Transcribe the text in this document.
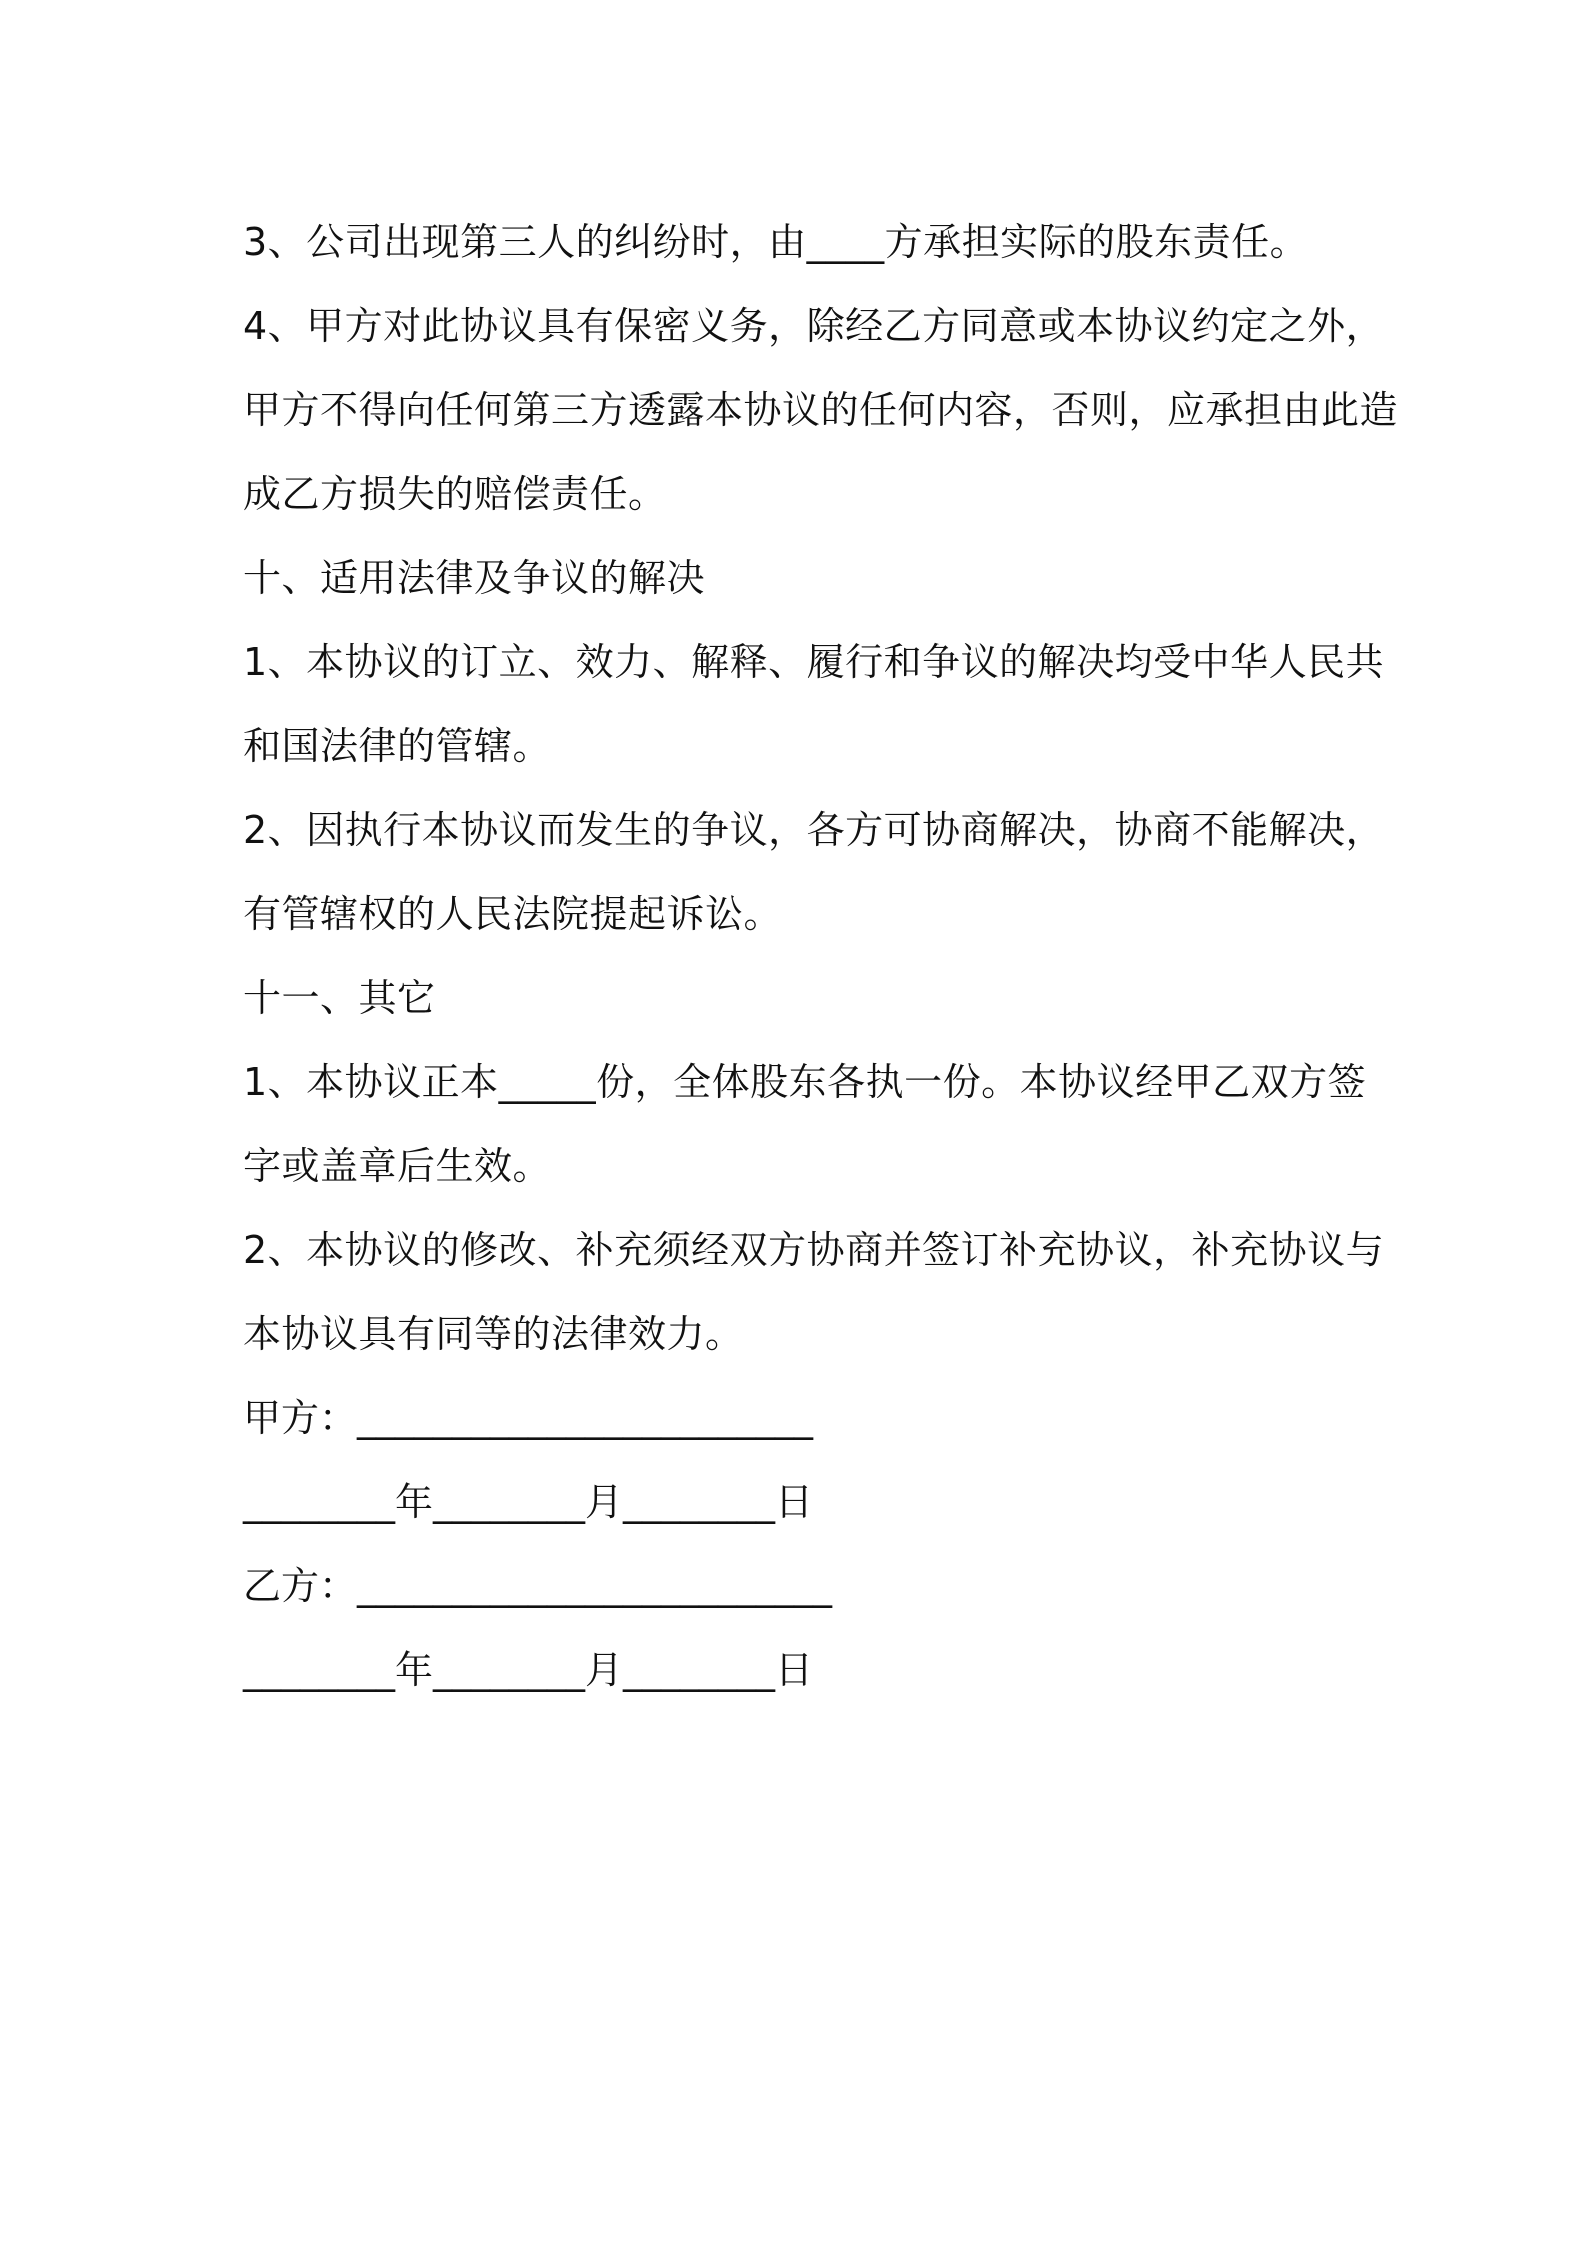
3、公司出现第三人的纠纷时，由____方承担实际的股东责任。
4、甲方对此协议具有保密义务，除经乙方同意或本协议约定之外，
甲方不得向任何第三方透露本协议的任何内容，否则，应承担由此造
成乙方损失的赔偿责任。
十、适用法律及争议的解决
1、本协议的订立、效力、解释、履行和争议的解决均受中华人民共
和国法律的管辖。
2、因执行本协议而发生的争议，各方可协商解决，协商不能解决，
有管辖权的人民法院提起诉讼。
十一、其它
1、本协议正本_____份，全体股东各执一份。本协议经甲乙双方签
字或盖章后生效。
2、本协议的修改、补充须经双方协商并签订补充协议，补充协议与
本协议具有同等的法律效力。
甲方：________________________
________年________月________日
乙方：_________________________
________年________月________日
